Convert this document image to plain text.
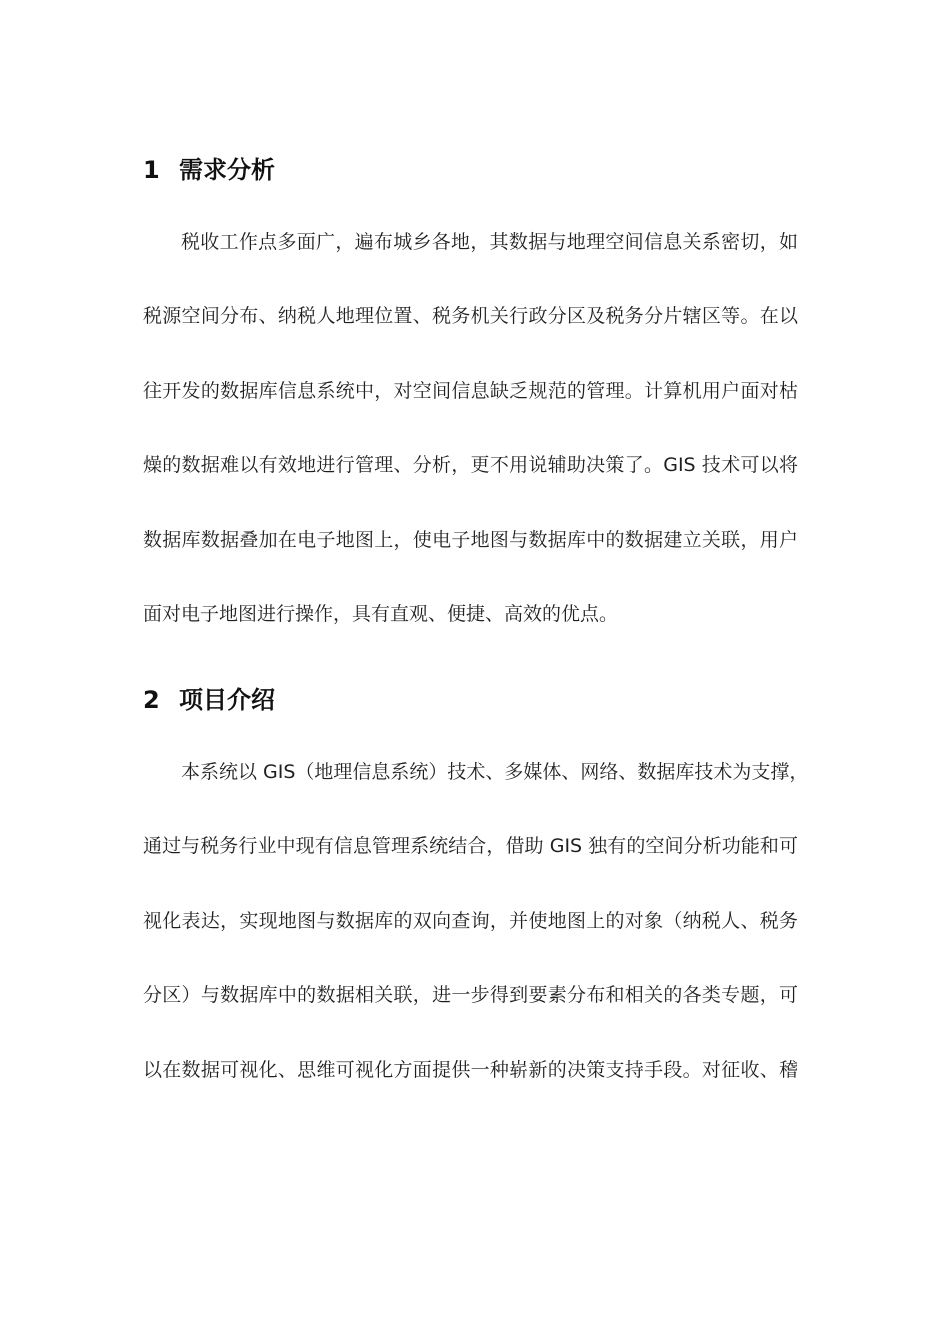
1 需求分析
税收工作点多面广，遍布城乡各地，其数据与地理空间信息关系密切，如
税源空间分布、纳税人地理位置、税务机关行政分区及税务分片辖区等。在以
往开发的数据库信息系统中，对空间信息缺乏规范的管理。计算机用户面对枯
燥的数据难以有效地进行管理、分析，更不用说辅助决策了。GIS 技术可以将
数据库数据叠加在电子地图上，使电子地图与数据库中的数据建立关联，用户
面对电子地图进行操作，具有直观、便捷、高效的优点。
2 项目介绍
本系统以 GIS（地理信息系统）技术、多媒体、网络、数据库技术为支撑，
通过与税务行业中现有信息管理系统结合，借助 GIS 独有的空间分析功能和可
视化表达，实现地图与数据库的双向查询，并使地图上的对象（纳税人、税务
分区）与数据库中的数据相关联，进一步得到要素分布和相关的各类专题，可
以在数据可视化、思维可视化方面提供一种崭新的决策支持手段。对征收、稽
